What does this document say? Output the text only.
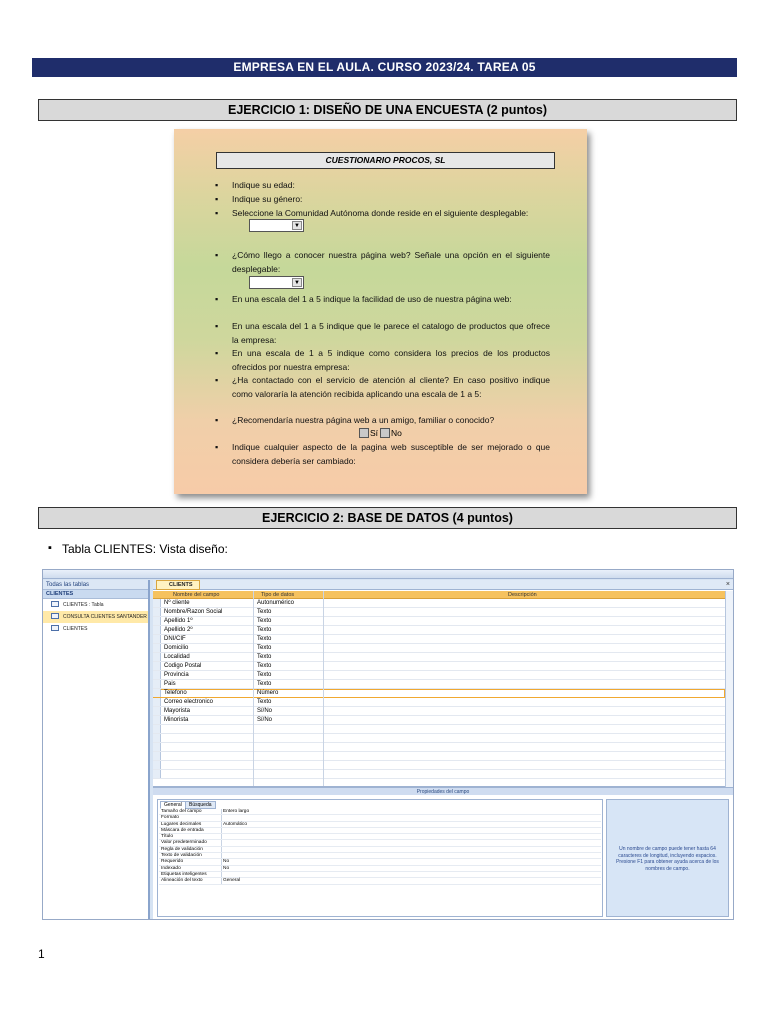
EMPRESA EN EL AULA. CURSO 2023/24. TAREA 05
EJERCICIO 1: DISEÑO DE UNA ENCUESTA (2 puntos)
CUESTIONARIO PROCOS, SL
▪ Indique su edad:
▪ Indique su género:
▪ Seleccione la Comunidad Autónoma donde reside en el siguiente desplegable:
▼
▪ ¿Cómo llego a conocer nuestra página web? Señale una opción en el siguiente desplegable:
▼
▪ En una escala del 1 a 5 indique la facilidad de uso de nuestra página web:
▪ En una escala del 1 a 5 indique que le parece el catalogo de productos que ofrece la empresa:
▪ En una escala de 1 a 5 indique como considera los precios de los productos ofrecidos por nuestra empresa:
▪ ¿Ha contactado con el servicio de atención al cliente? En caso positivo indique como valoraría la atención recibida aplicando una escala de 1 a 5:
▪ ¿Recomendaría nuestra página web a un amigo, familiar o conocido?
Sí	No
▪ Indique cualquier aspecto de la pagina web susceptible de ser mejorado o que considera debería ser cambiado:
EJERCICIO 2: BASE DE DATOS (4 puntos)
▪ Tabla CLIENTES: Vista diseño:
Todas las tablas
CLIENTES
CLIENTES : Tabla
CONSULTA CLIENTES SANTANDER
CLIENTES
CLIENTS	×
Nombre del campo	Tipo de datos	Descripción
Nº cliente	Autonumérico
Nombre/Razon Social	Texto
Apellido 1º	Texto
Apellido 2º	Texto
DNI/CIF	Texto
Domicilio	Texto
Localidad	Texto
Codigo Postal	Texto
Provincia	Texto
Pais	Texto
Telefono	Número
Correo electronico	Texto
Mayorista	Sí/No
Minorista	Sí/No
Propiedades del campo
General	Búsqueda
Tamaño del campo	Entero largo
Formato
Lugares decimales	Automático
Máscara de entrada
Título
Valor predeterminado
Regla de validación
Texto de validación
Requerido	No
Indexado	No
Etiquetas inteligentes
Alineación del texto	General
Un nombre de campo puede tener hasta 64 caracteres de longitud, incluyendo espacios. Presione F1 para obtener ayuda acerca de los nombres de campo.
1
